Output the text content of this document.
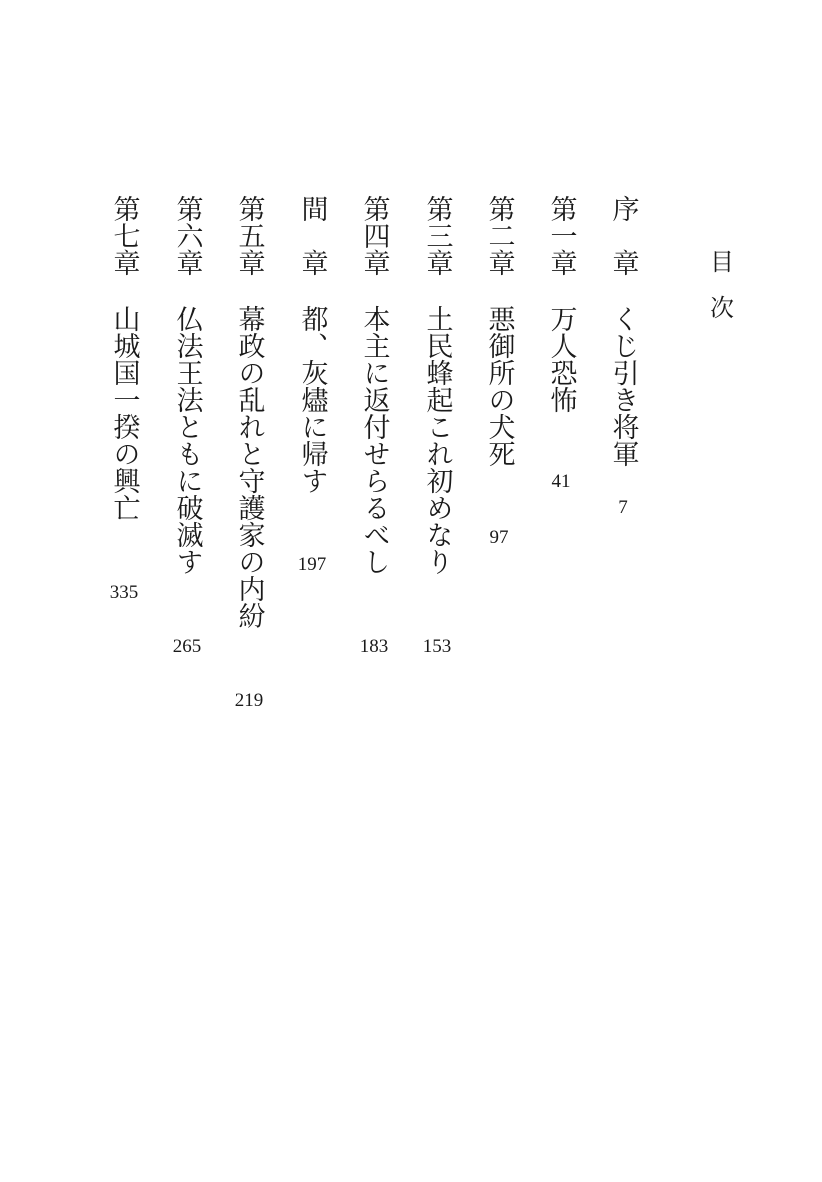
目
次
序　章
くじ引き将軍
7
第一章
万人恐怖
41
第二章
悪御所の犬死
97
第三章
土民蜂起これ初めなり
153
第四章
本主に返付せらるべし
183
間　章
都、灰燼に帰す
197
第五章
幕政の乱れと守護家の内紛
219
第六章
仏法王法ともに破滅す
265
第七章
山城国一揆の興亡
335
